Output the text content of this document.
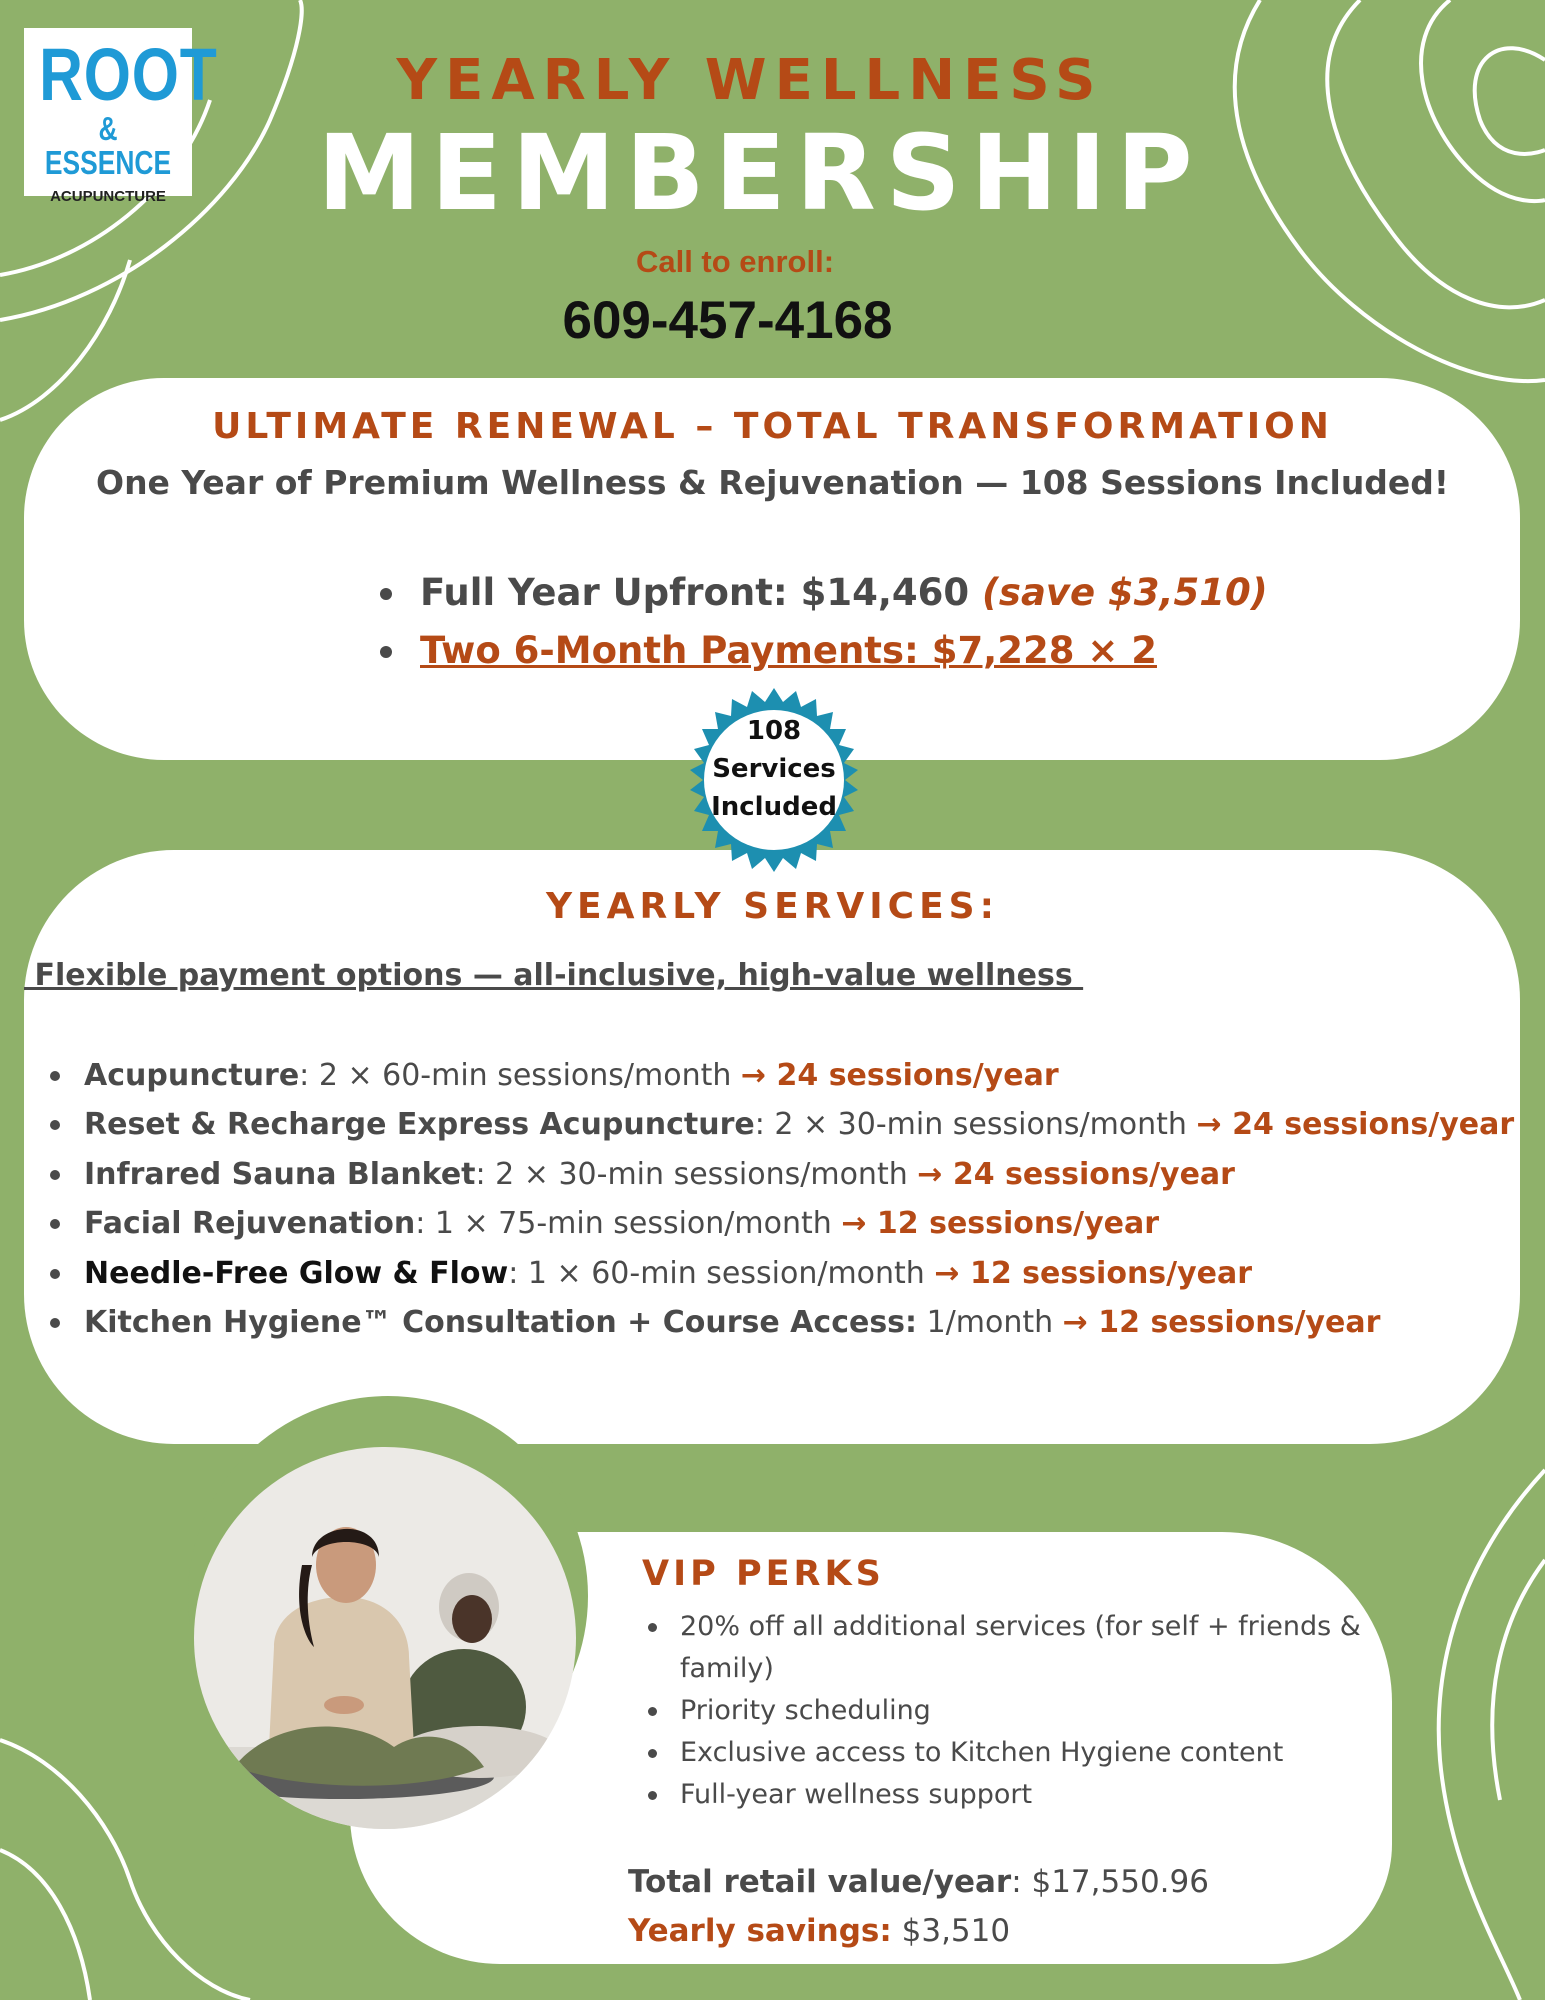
ROOT
& ESSENCE
ACUPUNCTURE
YEARLY WELLNESS
MEMBERSHIP
Call to enroll:
609-457-4168
ULTIMATE RENEWAL – TOTAL TRANSFORMATION
One Year of Premium Wellness & Rejuvenation — 108 Sessions Included!
Full Year Upfront: $14,460 (save $3,510)
Two 6-Month Payments: $7,228 × 2
108
Services
Included
YEARLY SERVICES:
Flexible payment options — all-inclusive, high-value wellness
Acupuncture: 2 × 60-min sessions/month → 24 sessions/year
Reset & Recharge Express Acupuncture: 2 × 30-min sessions/month → 24 sessions/year
Infrared Sauna Blanket: 2 × 30-min sessions/month → 24 sessions/year
Facial Rejuvenation: 1 × 75-min session/month → 12 sessions/year
Needle-Free Glow & Flow: 1 × 60-min session/month → 12 sessions/year
Kitchen Hygiene™ Consultation + Course Access: 1/month → 12 sessions/year
VIP PERKS
20% off all additional services (for self + friends & family)
Priority scheduling
Exclusive access to Kitchen Hygiene content
Full-year wellness support
Total retail value/year: $17,550.96
Yearly savings: $3,510
